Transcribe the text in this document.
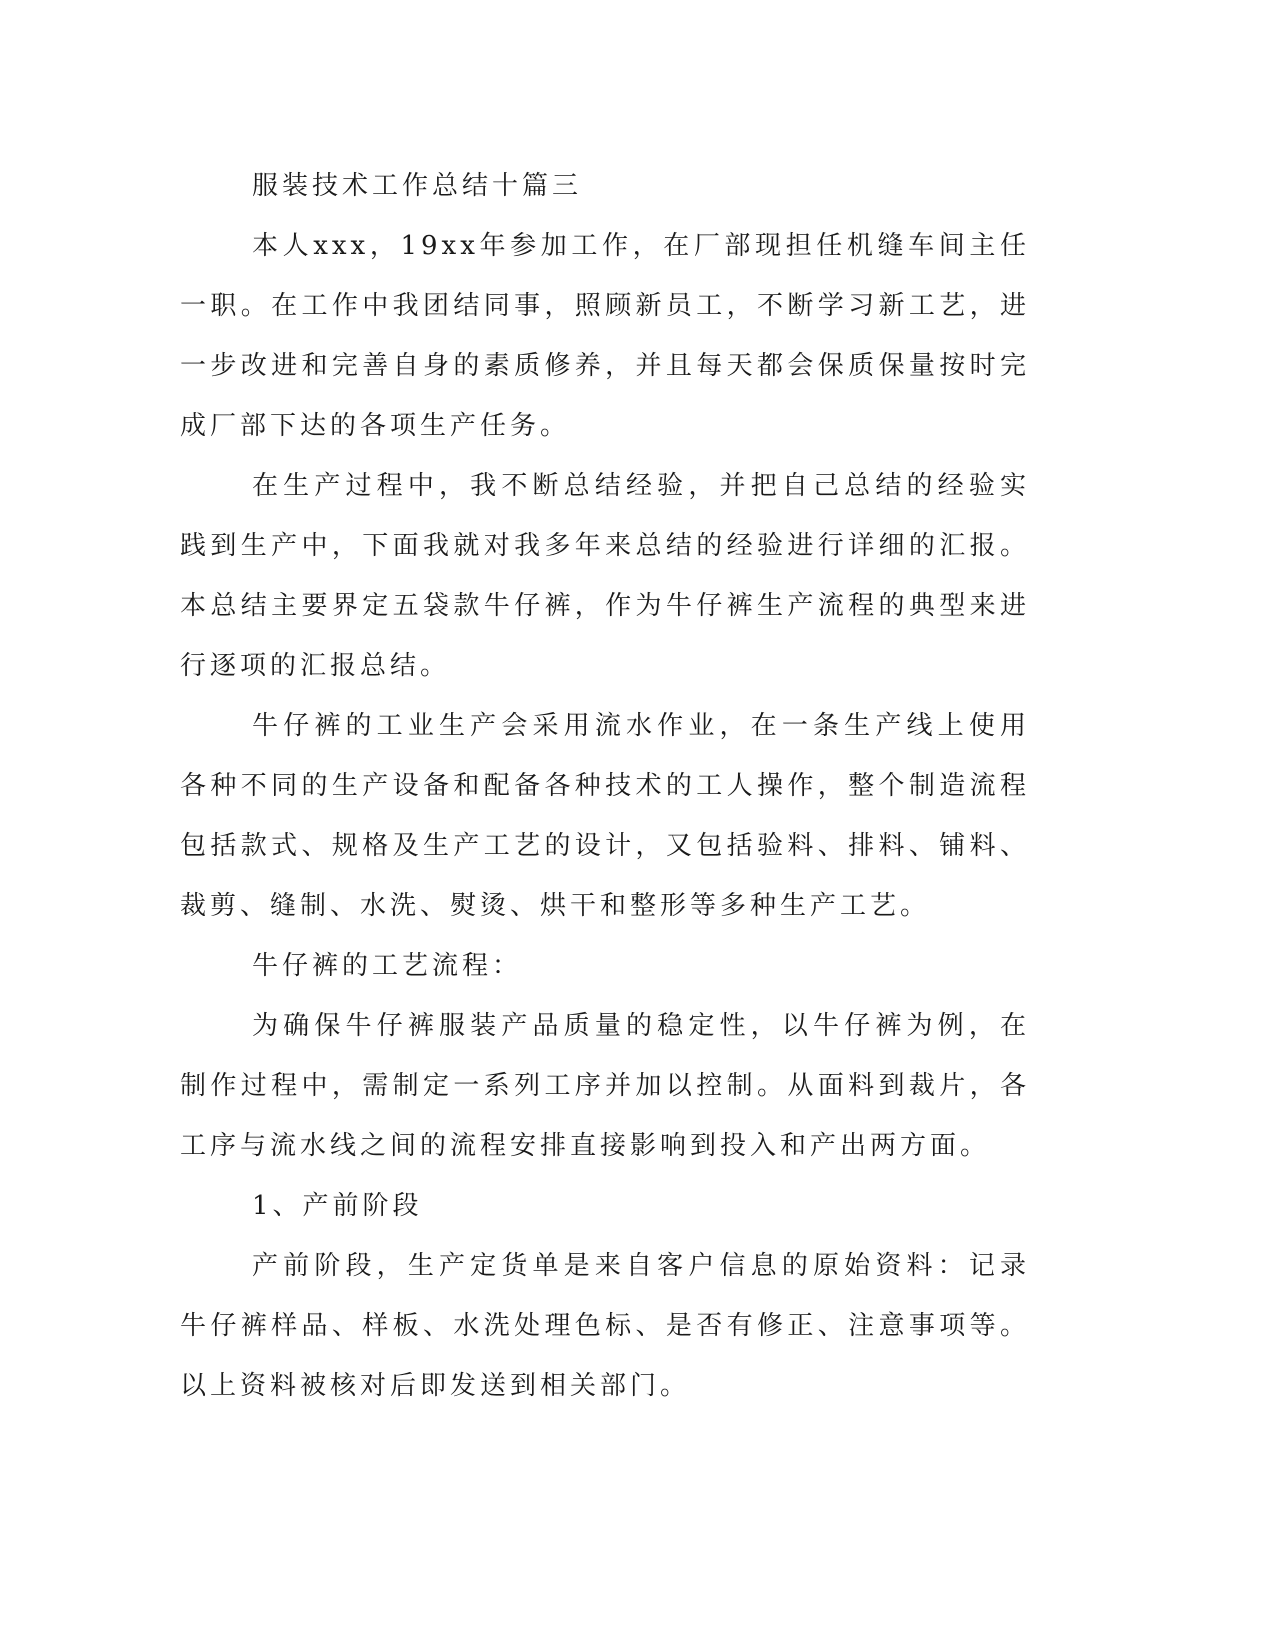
服装技术工作总结十篇三

本人xxx，19xx年参加工作，在厂部现担任机缝车间主任一职。在工作中我团结同事，照顾新员工，不断学习新工艺，进一步改进和完善自身的素质修养，并且每天都会保质保量按时完成厂部下达的各项生产任务。

在生产过程中，我不断总结经验，并把自己总结的经验实践到生产中，下面我就对我多年来总结的经验进行详细的汇报。本总结主要界定五袋款牛仔裤，作为牛仔裤生产流程的典型来进行逐项的汇报总结。

牛仔裤的工业生产会采用流水作业，在一条生产线上使用各种不同的生产设备和配备各种技术的工人操作，整个制造流程包括款式、规格及生产工艺的设计，又包括验料、排料、铺料、裁剪、缝制、水洗、熨烫、烘干和整形等多种生产工艺。

牛仔裤的工艺流程：

为确保牛仔裤服装产品质量的稳定性，以牛仔裤为例，在制作过程中，需制定一系列工序并加以控制。从面料到裁片，各工序与流水线之间的流程安排直接影响到投入和产出两方面。

1、产前阶段

产前阶段，生产定货单是来自客户信息的原始资料：记录牛仔裤样品、样板、水洗处理色标、是否有修正、注意事项等。以上资料被核对后即发送到相关部门。
